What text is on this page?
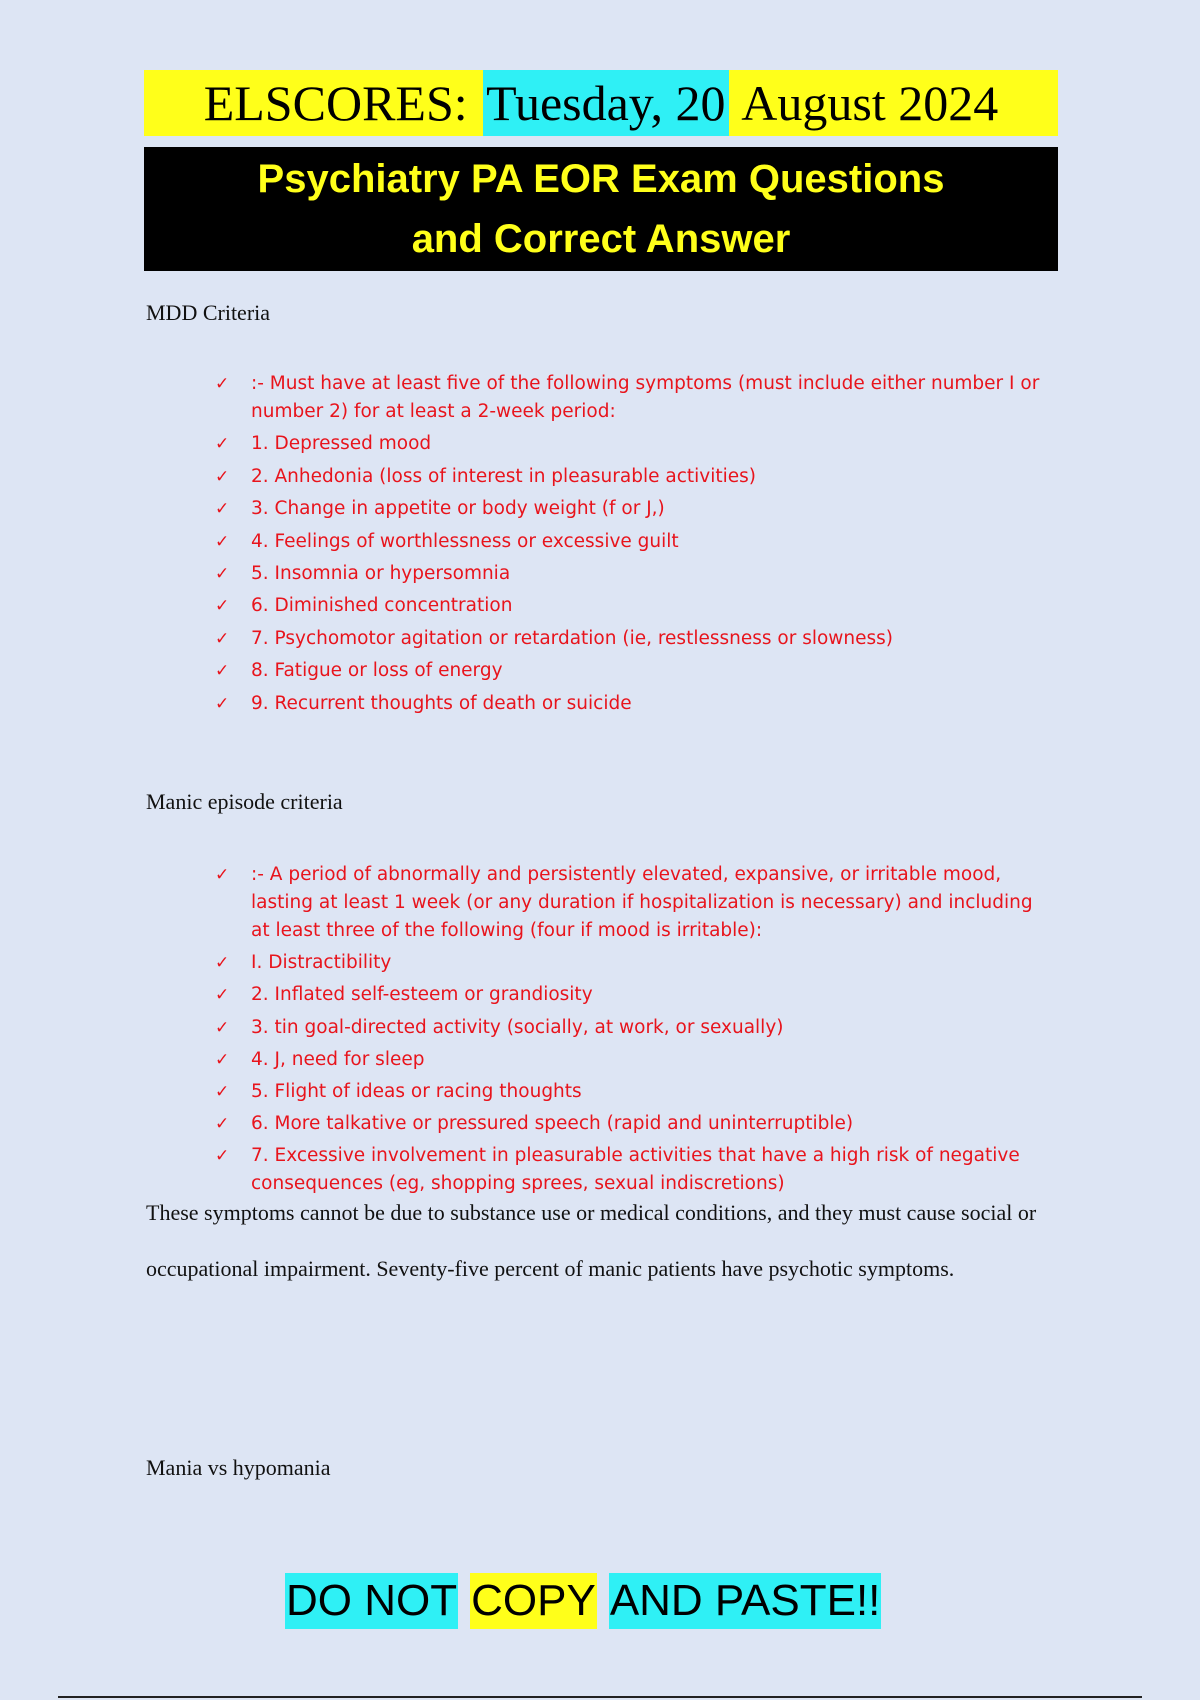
ELSCORES: Tuesday, 20 August 2024
Psychiatry PA EOR Exam Questions
and Correct Answer
MDD Criteria
✓ :- Must have at least five of the following symptoms (must include either number I or number 2) for at least a 2-week period:
✓ 1. Depressed mood
✓ 2. Anhedonia (loss of interest in pleasurable activities)
✓ 3. Change in appetite or body weight (f or J,)
✓ 4. Feelings of worthlessness or excessive guilt
✓ 5. Insomnia or hypersomnia
✓ 6. Diminished concentration
✓ 7. Psychomotor agitation or retardation (ie, restlessness or slowness)
✓ 8. Fatigue or loss of energy
✓ 9. Recurrent thoughts of death or suicide
Manic episode criteria
✓ :- A period of abnormally and persistently elevated, expansive, or irritable mood, lasting at least 1 week (or any duration if hospitalization is necessary) and including at least three of the following (four if mood is irritable):
✓ I. Distractibility
✓ 2. Inflated self-esteem or grandiosity
✓ 3. tin goal-directed activity (socially, at work, or sexually)
✓ 4. J, need for sleep
✓ 5. Flight of ideas or racing thoughts
✓ 6. More talkative or pressured speech (rapid and uninterruptible)
✓ 7. Excessive involvement in pleasurable activities that have a high risk of negative consequences (eg, shopping sprees, sexual indiscretions)
These symptoms cannot be due to substance use or medical conditions, and they must cause social or occupational impairment. Seventy-five percent of manic patients have psychotic symptoms.
Mania vs hypomania
DO NOT COPY AND PASTE!!
